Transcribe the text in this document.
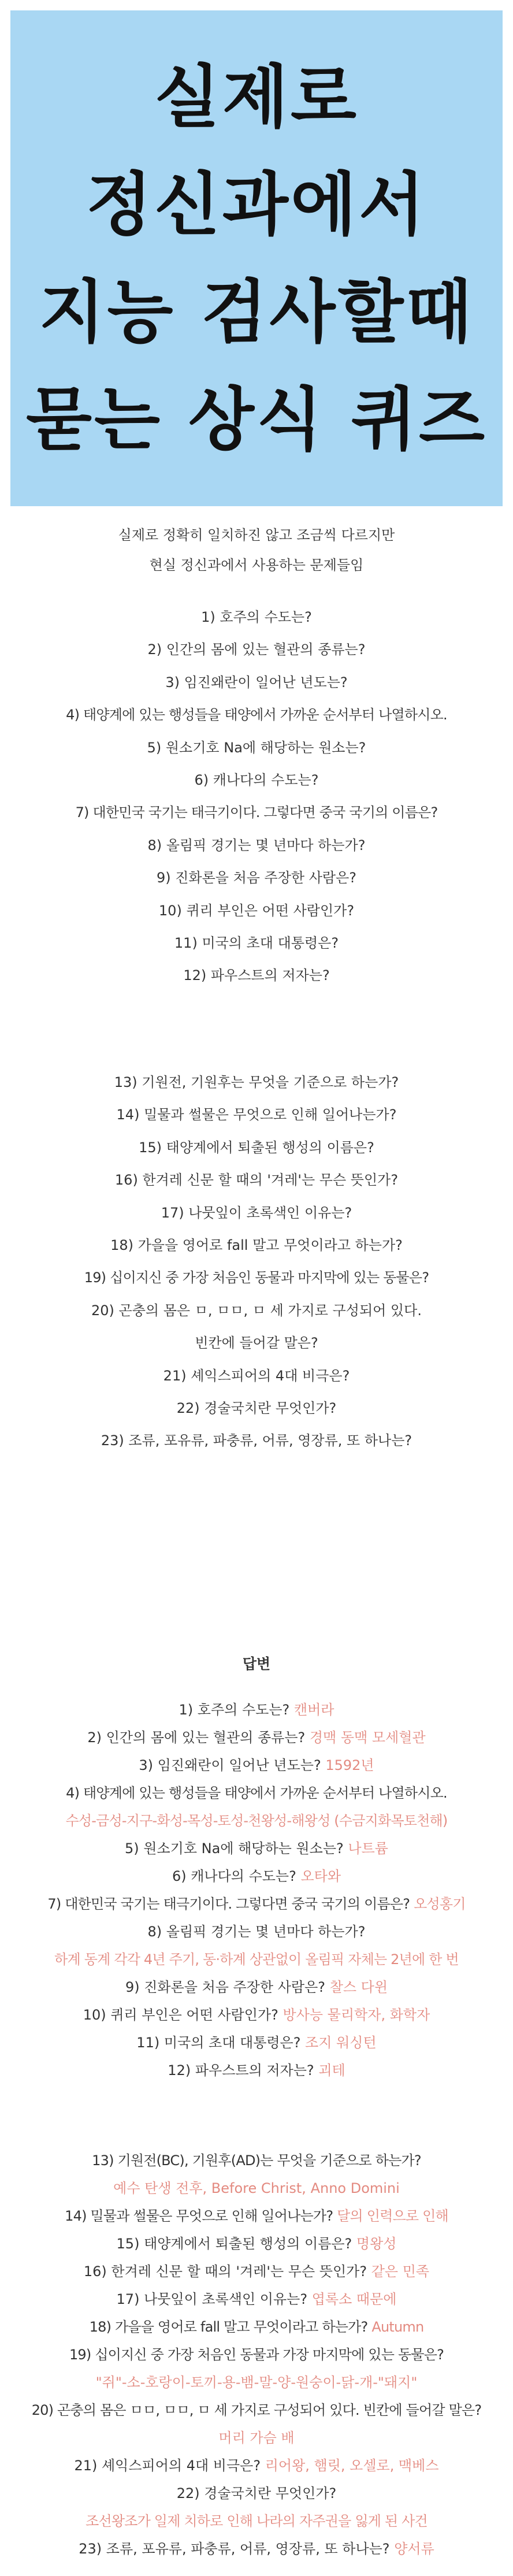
실제로
정신과에서
지능 검사할때
묻는 상식 퀴즈

실제로 정확히 일치하진 않고 조금씩 다르지만

현실 정신과에서 사용하는 문제들임

1) 호주의 수도는?

2) 인간의 몸에 있는 혈관의 종류는?

3) 임진왜란이 일어난 년도는?

4) 태양계에 있는 행성들을 태양에서 가까운 순서부터 나열하시오.

5) 원소기호 Na에 해당하는 원소는?

6) 캐나다의 수도는?

7) 대한민국 국기는 태극기이다. 그렇다면 중국 국기의 이름은?

8) 올림픽 경기는 몇 년마다 하는가?

9) 진화론을 처음 주장한 사람은?

10) 퀴리 부인은 어떤 사람인가?

11) 미국의 초대 대통령은?

12) 파우스트의 저자는?

13) 기원전, 기원후는 무엇을 기준으로 하는가?

14) 밀물과 썰물은 무엇으로 인해 일어나는가?

15) 태양계에서 퇴출된 행성의 이름은?

16) 한겨레 신문 할 때의 '겨레'는 무슨 뜻인가?

17) 나뭇잎이 초록색인 이유는?

18) 가을을 영어로 fall 말고 무엇이라고 하는가?

19) 십이지신 중 가장 처음인 동물과 마지막에 있는 동물은?

20) 곤충의 몸은 ㅁ, ㅁㅁ, ㅁ 세 가지로 구성되어 있다.

빈칸에 들어갈 말은?

21) 셰익스피어의 4대 비극은?

22) 경술국치란 무엇인가?

23) 조류, 포유류, 파충류, 어류, 영장류, 또 하나는?

답변

1) 호주의 수도는? 캔버라

2) 인간의 몸에 있는 혈관의 종류는? 경맥 동맥 모세혈관

3) 임진왜란이 일어난 년도는? 1592년

4) 태양계에 있는 행성들을 태양에서 가까운 순서부터 나열하시오.

수성-금성-지구-화성-목성-토성-천왕성-해왕성 (수금지화목토천해)

5) 원소기호 Na에 해당하는 원소는? 나트륨

6) 캐나다의 수도는? 오타와

7) 대한민국 국기는 태극기이다. 그렇다면 중국 국기의 이름은? 오성홍기

8) 올림픽 경기는 몇 년마다 하는가?

하계 동계 각각 4년 주기, 동·하계 상관없이 올림픽 자체는 2년에 한 번

9) 진화론을 처음 주장한 사람은? 찰스 다윈

10) 퀴리 부인은 어떤 사람인가? 방사능 물리학자, 화학자

11) 미국의 초대 대통령은? 조지 워싱턴

12) 파우스트의 저자는? 괴테

13) 기원전(BC), 기원후(AD)는 무엇을 기준으로 하는가?

예수 탄생 전후, Before Christ, Anno Domini

14) 밀물과 썰물은 무엇으로 인해 일어나는가? 달의 인력으로 인해

15) 태양계에서 퇴출된 행성의 이름은? 명왕성

16) 한겨레 신문 할 때의 '겨레'는 무슨 뜻인가? 같은 민족

17) 나뭇잎이 초록색인 이유는? 엽록소 때문에

18) 가을을 영어로 fall 말고 무엇이라고 하는가? Autumn

19) 십이지신 중 가장 처음인 동물과 가장 마지막에 있는 동물은?

"쥐"-소-호랑이-토끼-용-뱀-말-양-원숭이-닭-개-"돼지"

20) 곤충의 몸은 ㅁㅁ, ㅁㅁ, ㅁ 세 가지로 구성되어 있다. 빈칸에 들어갈 말은?

머리 가슴 배

21) 셰익스피어의 4대 비극은? 리어왕, 햄릿, 오셀로, 맥베스

22) 경술국치란 무엇인가?

조선왕조가 일제 치하로 인해 나라의 자주권을 잃게 된 사건

23) 조류, 포유류, 파충류, 어류, 영장류, 또 하나는? 양서류
